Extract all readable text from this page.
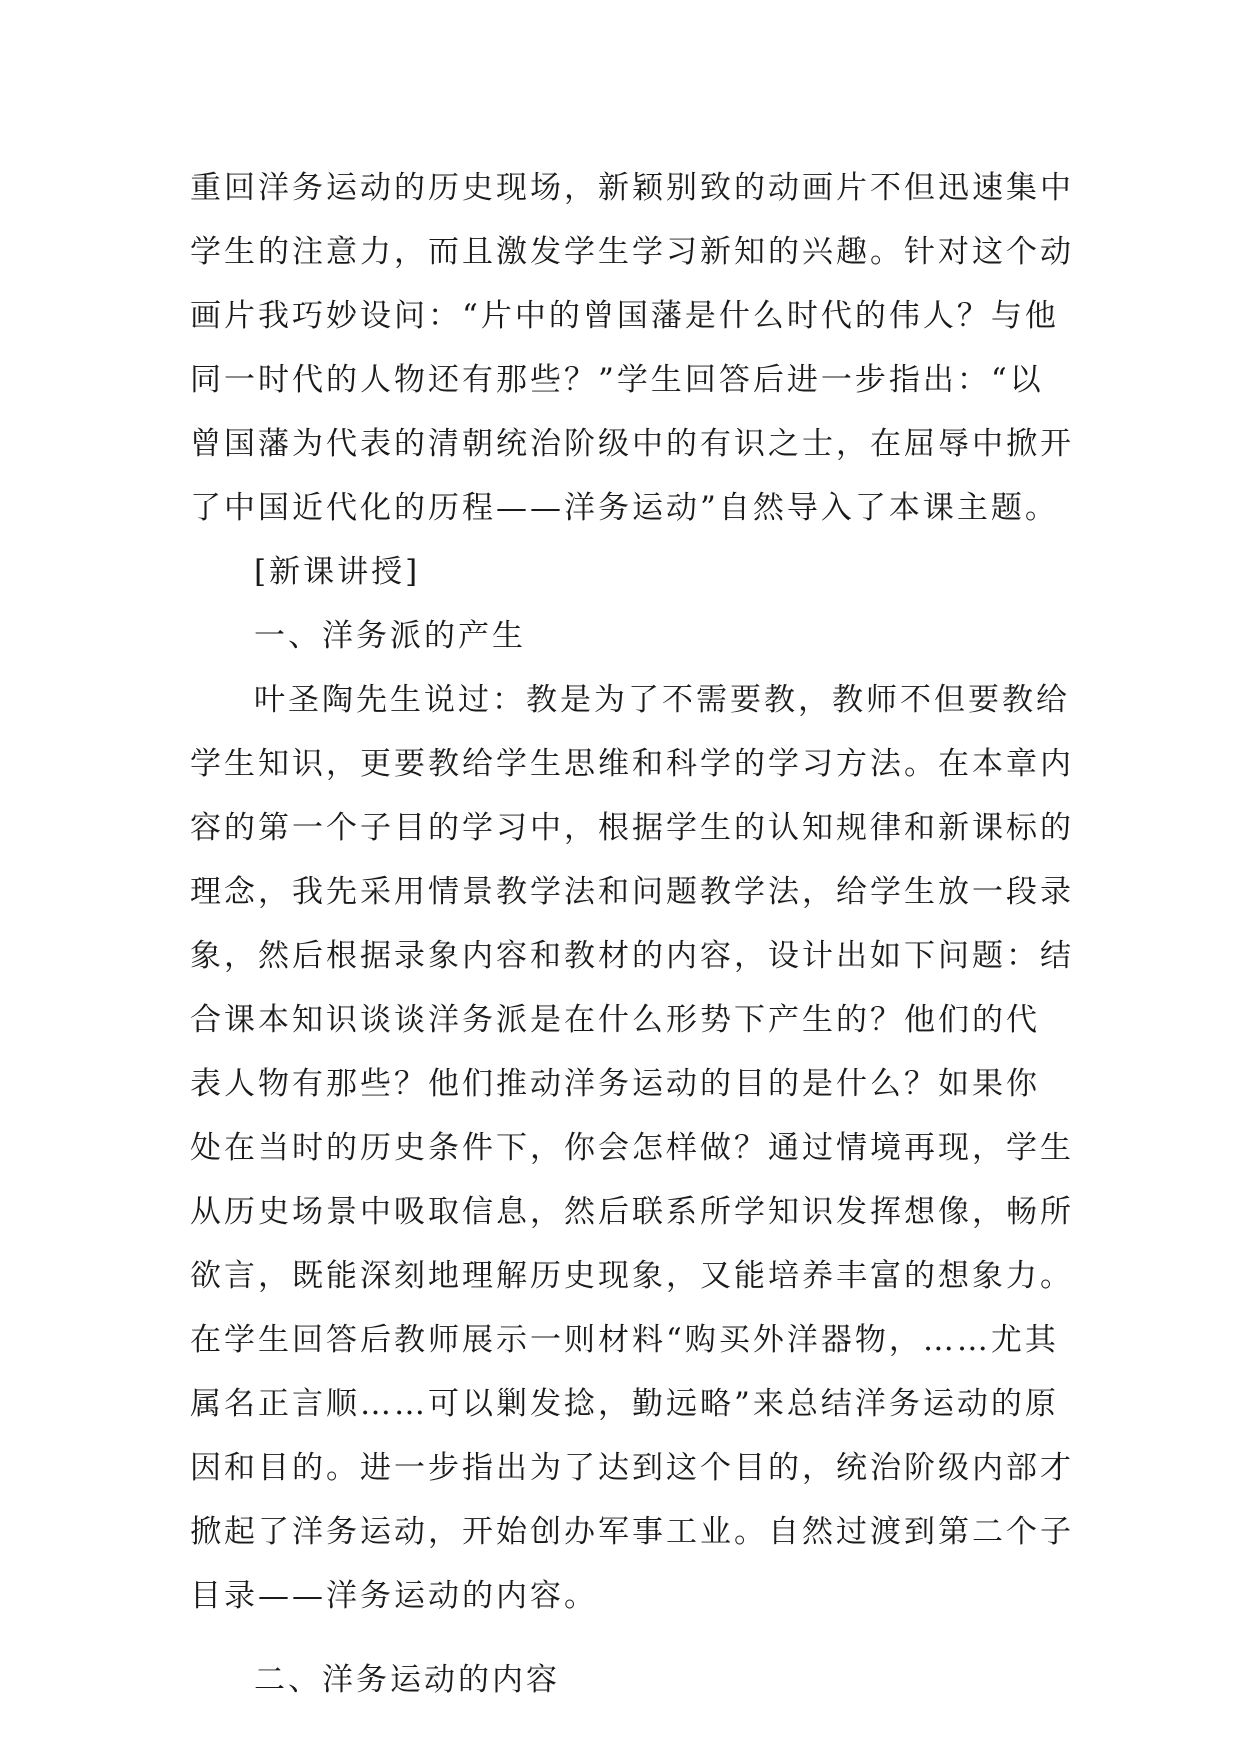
重回洋务运动的历史现场，新颖别致的动画片不但迅速集中
学生的注意力，而且激发学生学习新知的兴趣。针对这个动
画片我巧妙设问：“片中的曾国藩是什么时代的伟人？与他
同一时代的人物还有那些？”学生回答后进一步指出：“以
曾国藩为代表的清朝统治阶级中的有识之士，在屈辱中掀开
了中国近代化的历程——洋务运动”自然导入了本课主题。
[新课讲授]
一、洋务派的产生
叶圣陶先生说过：教是为了不需要教，教师不但要教给
学生知识，更要教给学生思维和科学的学习方法。在本章内
容的第一个子目的学习中，根据学生的认知规律和新课标的
理念，我先采用情景教学法和问题教学法，给学生放一段录
象，然后根据录象内容和教材的内容，设计出如下问题：结
合课本知识谈谈洋务派是在什么形势下产生的？他们的代
表人物有那些？他们推动洋务运动的目的是什么？如果你
处在当时的历史条件下，你会怎样做？通过情境再现，学生
从历史场景中吸取信息，然后联系所学知识发挥想像，畅所
欲言，既能深刻地理解历史现象，又能培养丰富的想象力。
在学生回答后教师展示一则材料“购买外洋器物，……尤其
属名正言顺……可以剿发捻，勤远略”来总结洋务运动的原
因和目的。进一步指出为了达到这个目的，统治阶级内部才
掀起了洋务运动，开始创办军事工业。自然过渡到第二个子
目录——洋务运动的内容。
二、洋务运动的内容
